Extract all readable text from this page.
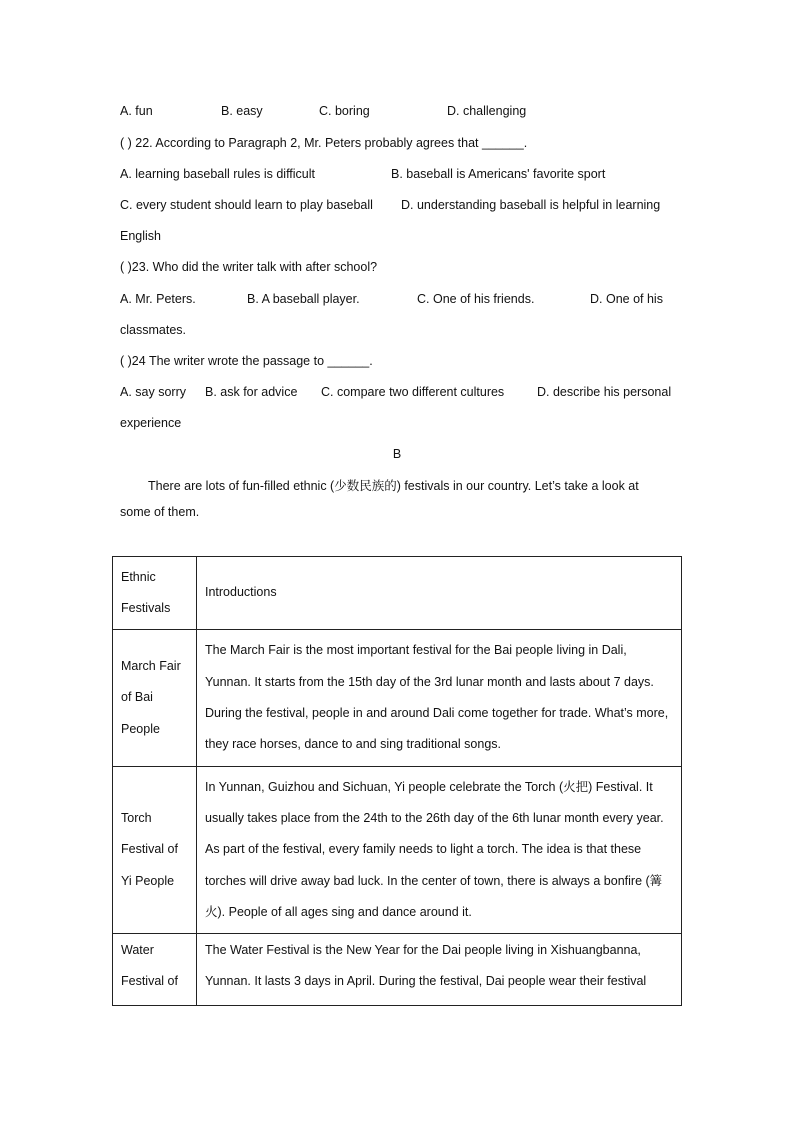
A. fun	B. easy	C. boring	D. challenging
( ) 22. According to Paragraph 2, Mr. Peters probably agrees that ______.
A. learning baseball rules is difficult	B. baseball is Americans' favorite sport
C. every student should learn to play baseball D. understanding baseball is helpful in learning
English
( )23. Who did the writer talk with after school?
A. Mr. Peters.	B. A baseball player.	C. One of his friends.	D. One of his
classmates.
( )24 The writer wrote the passage to ______.
A. say sorry B. ask for advice C. compare two different cultures	D. describe his personal
experience
B
There are lots of fun-filled ethnic (少数民族的) festivals in our country. Let’s take a look at
some of them.
Ethnic Festivals	Introductions
March Fair of Bai People	The March Fair is the most important festival for the Bai people living in Dali, Yunnan. It starts from the 15th day of the 3rd lunar month and lasts about 7 days. During the festival, people in and around Dali come together for trade. What’s more, they race horses, dance to and sing traditional songs.
Torch Festival of Yi People	In Yunnan, Guizhou and Sichuan, Yi people celebrate the Torch (火把) Festival. It usually takes place from the 24th to the 26th day of the 6th lunar month every year. As part of the festival, every family needs to light a torch. The idea is that these torches will drive away bad luck. In the center of town, there is always a bonfire (篝火). People of all ages sing and dance around it.

Water Festival of	The Water Festival is the New Year for the Dai people living in Xishuangbanna, Yunnan. It lasts 3 days in April. During the festival, Dai people wear their festival
